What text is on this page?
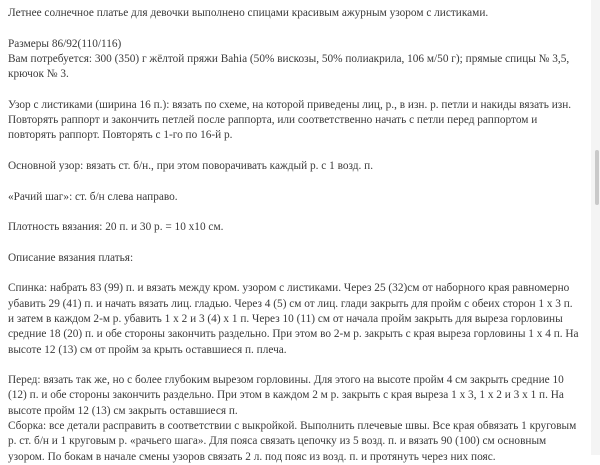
Летнее солнечное платье для девочки выполнено спицами красивым ажурным узором с листиками.

Размеры 86/92(110/116)

Вам потребуется: 300 (350) г жёлтой пряжи Bahia (50% вискозы, 50% полиакрила, 106 м/50 г); прямые спицы № 3,5,
крючок № 3.

Узор с листиками (ширина 16 п.): вязать по схеме, на которой приведены лиц, р., в изн. р. петли и накиды вязать изн.
Повторять раппорт и закончить петлей после раппорта, или соответственно начать с петли перед раппортом и
повторять раппорт. Повторять с 1-го по 16-й р.

Основной узор: вязать ст. б/н., при этом поворачивать каждый р. с 1 возд. п.

«Рачий шаг»: ст. б/н слева направо.

Плотность вязания: 20 п. и 30 р. = 10 х10 см.

Описание вязания платья:

Спинка: набрать 83 (99) п. и вязать между кром. узором с листиками. Через 25 (32)см от наборного края равномерно
убавить 29 (41) п. и начать вязать лиц. гладью. Через 4 (5) см от лиц. глади закрыть для пройм с обеих сторон 1 х 3 п.
и затем в каждом 2-м р. убавить 1 х 2 и 3 (4) х 1 п. Через 10 (11) см от начала пройм закрыть для выреза горловины
средние 18 (20) п. и обе стороны закончить раздельно. При этом во 2-м р. закрыть с края выреза горловины 1 х 4 п. На
высоте 12 (13) см от пройм за крыть оставшиеся п. плеча.

Перед: вязать так же, но с более глубоким вырезом горловины. Для этого на высоте пройм 4 см закрыть средние 10
(12) п. и обе стороны закончить раздельно. При этом в каждом 2 м р. закрыть с края выреза 1 х 3, 1 х 2 и 3 х 1 п. На
высоте пройм 12 (13) см закрыть оставшиеся п.

Сборка: все детали расправить в соответствии с выкройкой. Выполнить плечевые швы. Все края обвязать 1 круговым
р. ст. б/н и 1 круговым р. «рачьего шага». Для пояса связать цепочку из 5 возд. п. и вязать 90 (100) см основным
узором. По бокам в начале смены узоров связать 2 л. под пояс из возд. п. и протянуть через них пояс.
